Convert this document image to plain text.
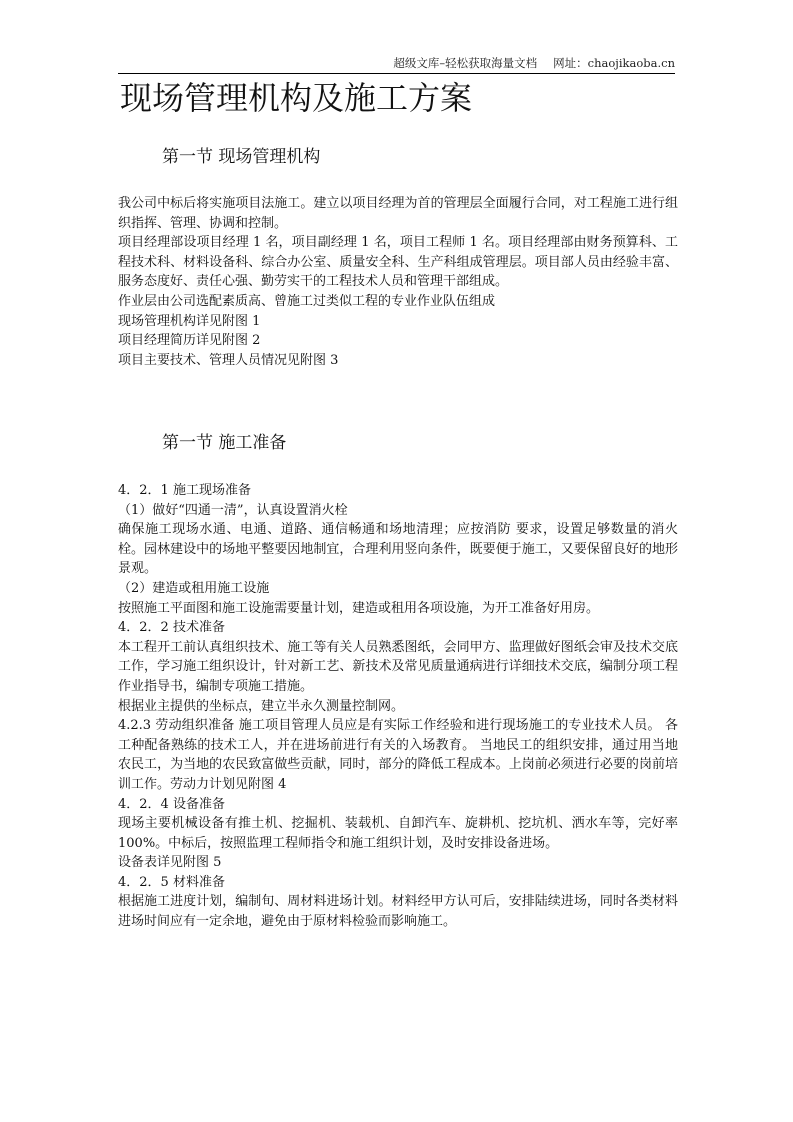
超级文库–轻松获取海量文档 网址：chaojikaoba.cn
现场管理机构及施工方案
第一节 现场管理机构

我公司中标后将实施项目法施工。建立以项目经理为首的管理层全面履行合同，对工程施工进行组织指挥、管理、协调和控制。

项目经理部设项目经理 1 名，项目副经理 1 名，项目工程师 1 名。项目经理部由财务预算科、工程技术科、材料设备科、综合办公室、质量安全科、生产科组成管理层。项目部人员由经验丰富、服务态度好、责任心强、勤劳实干的工程技术人员和管理干部组成。

作业层由公司选配素质高、曾施工过类似工程的专业作业队伍组成

现场管理机构详见附图 1

项目经理简历详见附图 2

项目主要技术、管理人员情况见附图 3

第一节 施工准备

4．2．1 施工现场准备

（1）做好“四通一清”，认真设置消火栓

确保施工现场水通、电通、道路、通信畅通和场地清理；应按消防 要求，设置足够数量的消火栓。园林建设中的场地平整要因地制宜，合理利用竖向条件，既要便于施工，又要保留良好的地形景观。

（2）建造或租用施工设施

按照施工平面图和施工设施需要量计划，建造或租用各项设施，为开工准备好用房。

4．2．2 技术准备

本工程开工前认真组织技术、施工等有关人员熟悉图纸，会同甲方、监理做好图纸会审及技术交底工作，学习施工组织设计，针对新工艺、新技术及常见质量通病进行详细技术交底，编制分项工程作业指导书，编制专项施工措施。

根据业主提供的坐标点，建立半永久测量控制网。

4.2.3 劳动组织准备 施工项目管理人员应是有实际工作经验和进行现场施工的专业技术人员。 各工种配备熟练的技术工人，并在进场前进行有关的入场教育。 当地民工的组织安排，通过用当地农民工，为当地的农民致富做些贡献，同时，部分的降低工程成本。上岗前必须进行必要的岗前培训工作。劳动力计划见附图 4

4．2．4 设备准备

现场主要机械设备有推土机、挖掘机、装载机、自卸汽车、旋耕机、挖坑机、洒水车等，完好率 100%。中标后，按照监理工程师指令和施工组织计划，及时安排设备进场。

设备表详见附图 5

4．2．5 材料准备

根据施工进度计划，编制旬、周材料进场计划。材料经甲方认可后，安排陆续进场，同时各类材料进场时间应有一定余地，避免由于原材料检验而影响施工。
